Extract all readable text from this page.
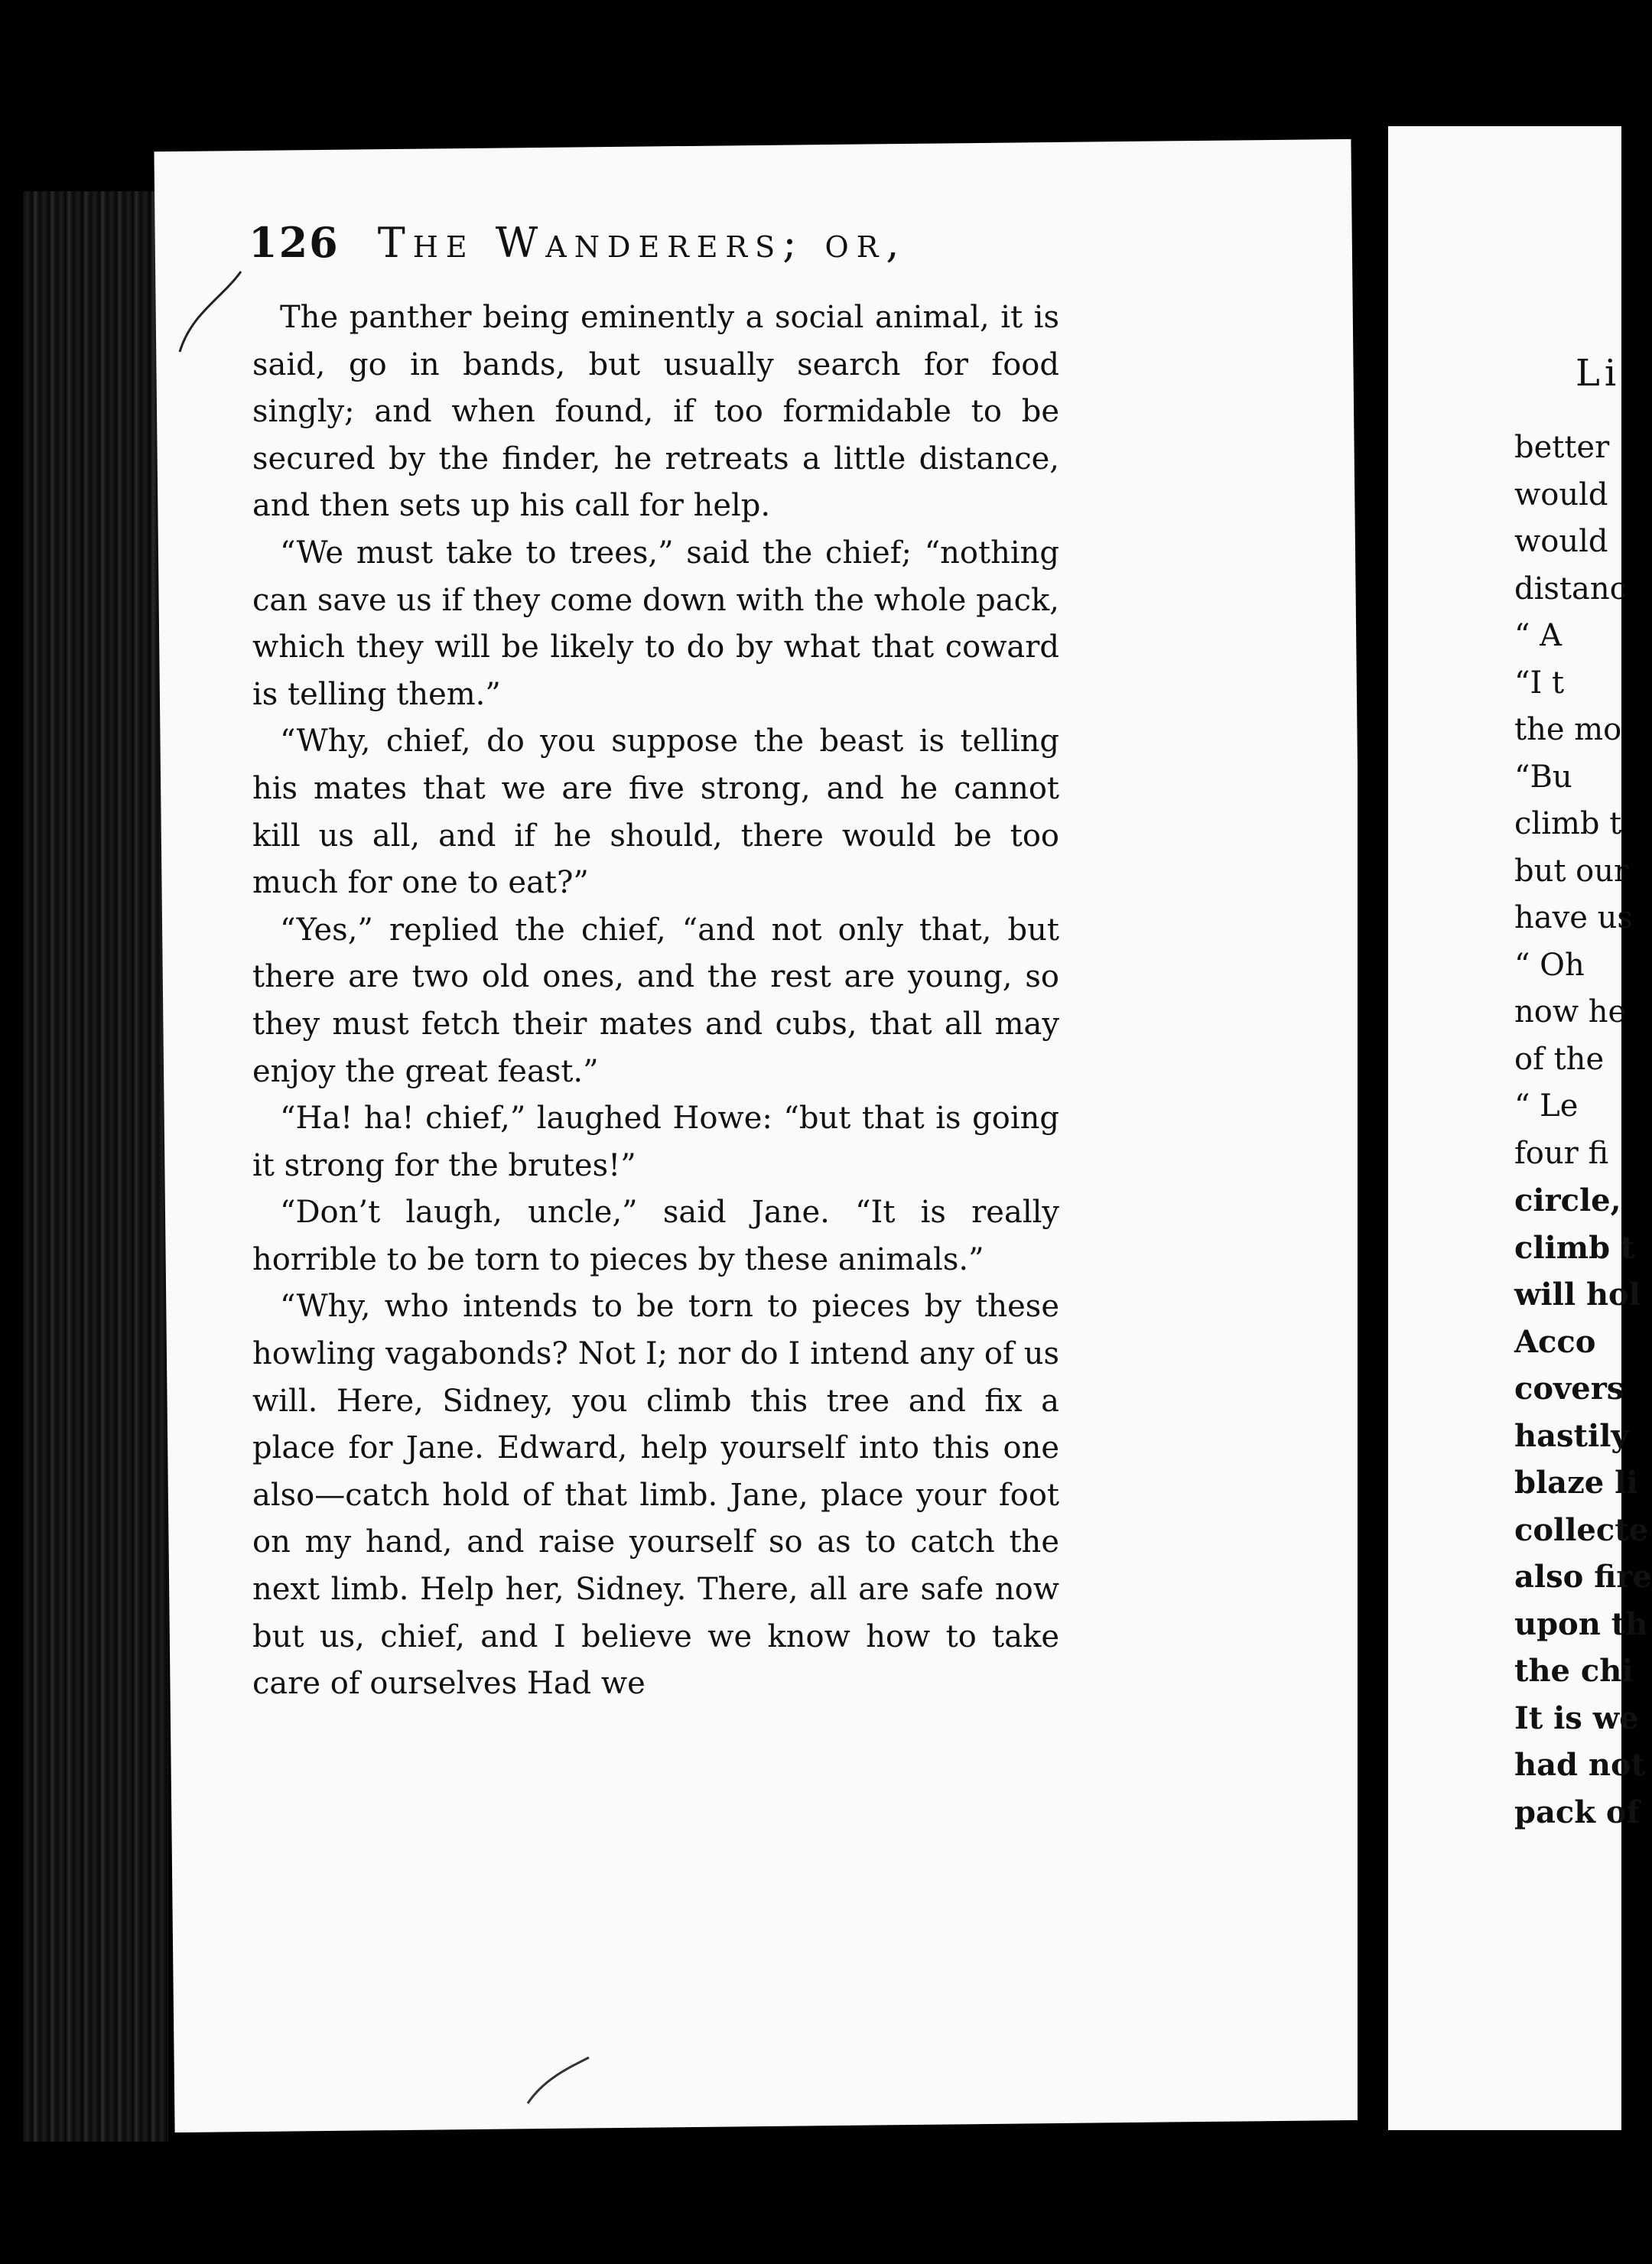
126 The Wanderers; or,

The panther being eminently a social animal, it is said, go in bands, but usually search for food singly; and when found, if too formidable to be secured by the finder, he retreats a little distance, and then sets up his call for help.

“We must take to trees,” said the chief; “nothing can save us if they come down with the whole pack, which they will be likely to do by what that coward is telling them.”

“Why, chief, do you suppose the beast is telling his mates that we are five strong, and he cannot kill us all, and if he should, there would be too much for one to eat?”

“Yes,” replied the chief, “and not only that, but there are two old ones, and the rest are young, so they must fetch their mates and cubs, that all may enjoy the great feast.”

“Ha! ha! chief,” laughed Howe: “but that is going it strong for the brutes!”

“Don’t laugh, uncle,” said Jane. “It is really horrible to be torn to pieces by these animals.”

“Why, who intends to be torn to pieces by these howling vagabonds? Not I; nor do I intend any of us will. Here, Sidney, you climb this tree and fix a place for Jane. Edward, help yourself into this one also—catch hold of that limb. Jane, place your foot on my hand, and raise yourself so as to catch the next limb. Help her, Sidney. There, all are safe now but us, chief, and I believe we know how to take care of ourselves Had we

Li
better
would
would
distanc
“ A
“I t
the mo
“Bu
climb t
but our
have us
“ Oh
now he
of the
“ Le
four fi
circle,
climb t
will hol
Acco
covers
hastily
blaze li
collecte
also fire
upon th
the chi
It is we
had not
pack of
